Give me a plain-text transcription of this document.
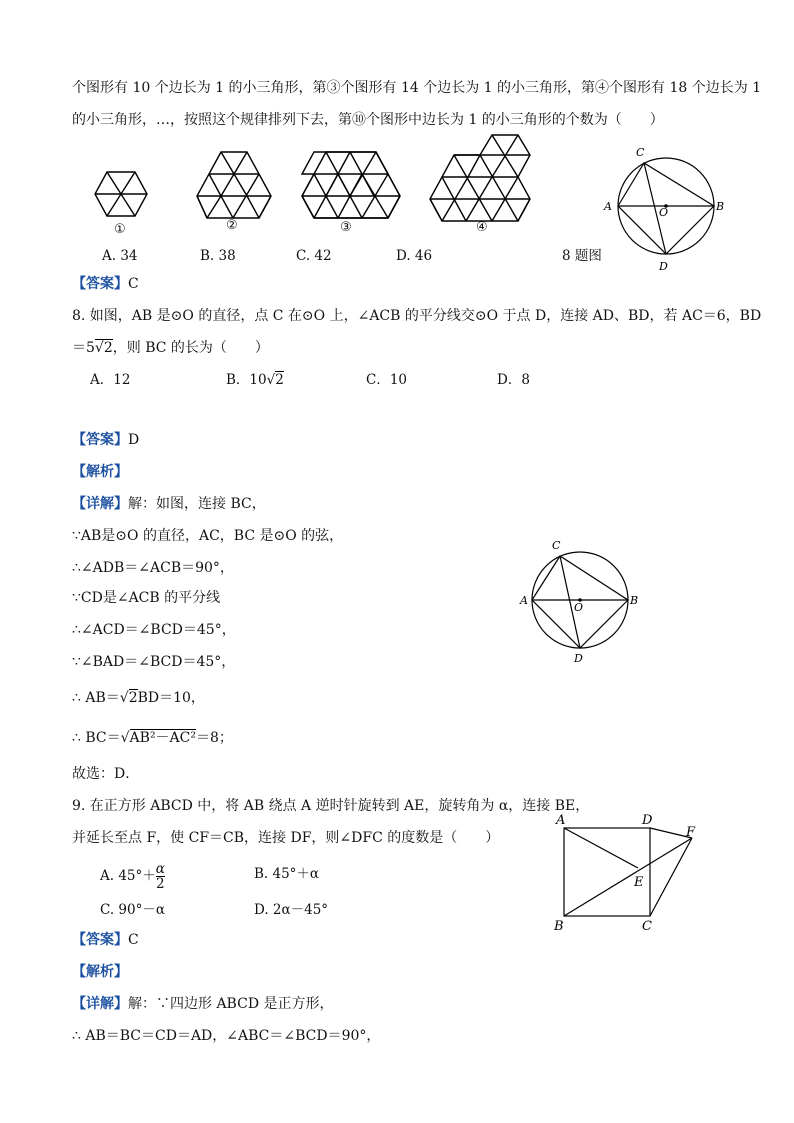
个图形有 10 个边长为 1 的小三角形，第③个图形有 14 个边长为 1 的小三角形，第④个图形有 18 个边长为 1
的小三角形，…，按照这个规律排列下去，第⑩个图形中边长为 1 的小三角形的个数为（　　）
①	②	③	④
A. 34	B. 38	C. 42	D. 46	8 题图
C
A	B
D
O
【答案】C
8. 如图，AB 是⊙O 的直径，点 C 在⊙O 上，∠ACB 的平分线交⊙O 于点 D，连接 AD、BD，若 AC＝6，BD
＝5√2，则 BC 的长为（　　）
A．12	B．10√2	C．10	D．8
【答案】D
【解析】
【详解】解：如图，连接 BC，
∵AB是⊙O 的直径，AC，BC 是⊙O 的弦，
∴∠ADB＝∠ACB＝90°，
∵CD是∠ACB 的平分线
∴∠ACD＝∠BCD＝45°，
∵∠BAD＝∠BCD＝45°，
∴ AB＝√2BD＝10，
∴ BC＝√AB²－AC²＝8；
故选：D．
C
A	B
D
O
9. 在正方形 ABCD 中，将 AB 绕点 A 逆时针旋转到 AE，旋转角为 α，连接 BE，
并延长至点 F，使 CF＝CB，连接 DF，则∠DFC 的度数是（　　）
A. $45^\circ+ \frac{\alpha}{2}$	B. 45°＋α
C. 90°－α	D. 2α－45°
【答案】C
【解析】
【详解】解：∵四边形 ABCD 是正方形，
∴ AB＝BC＝CD＝AD，∠ABC＝∠BCD＝90°，
A	D
F
E
B	C
